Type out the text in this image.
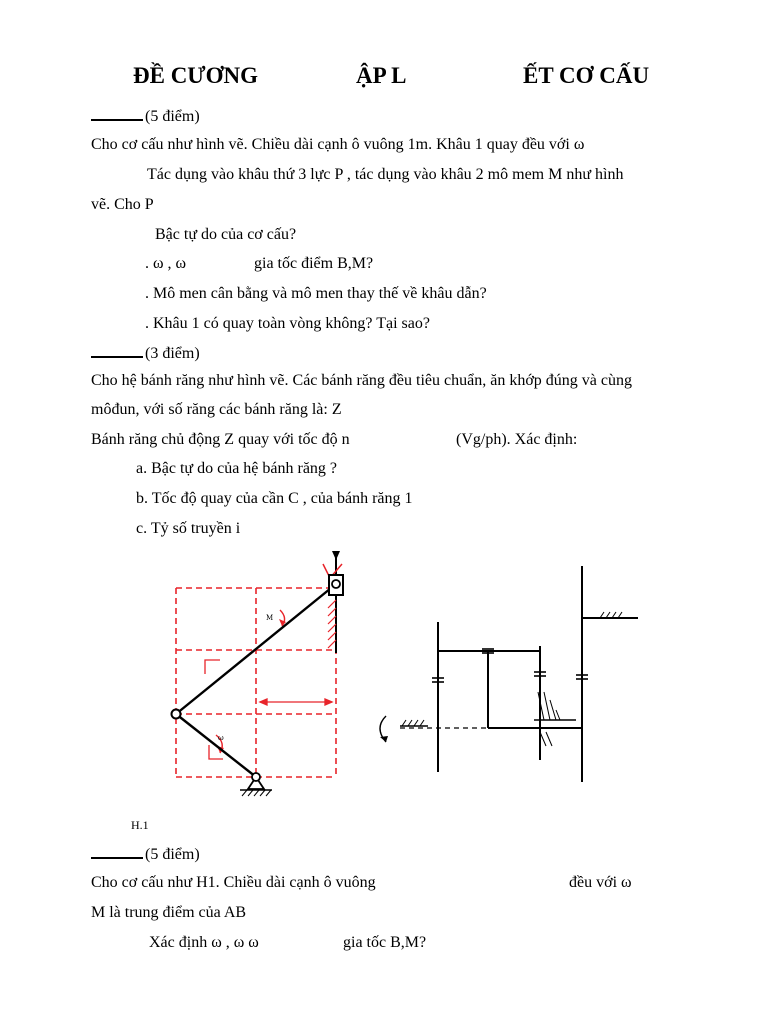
ĐỀ CƯƠNG	ẬP L	ẾT CƠ CẤU
(5 điểm)
Cho cơ cấu như hình vẽ. Chiều dài cạnh ô vuông 1m. Khâu 1 quay đều với ω
Tác dụng vào khâu thứ 3 lực P , tác dụng vào khâu 2 mô mem M như hình
vẽ. Cho P
Bậc tự do của cơ cấu?
. ω , ω	gia tốc điểm B,M?
. Mô men cân bằng và mô men thay thế về khâu dẫn?
. Khâu 1 có quay toàn vòng không? Tại sao?
(3 điểm)
Cho hệ bánh răng như hình vẽ. Các bánh răng đều tiêu chuẩn, ăn khớp đúng và cùng
môđun, với số răng các bánh răng là: Z
Bánh răng chủ động Z quay với tốc độ n	(Vg/ph). Xác định:
a. Bậc tự do của hệ bánh răng ?
b. Tốc độ quay của cần C , của bánh răng 1
c. Tỷ số truyền i
M
ω
H.1
(5 điểm)
Cho cơ cấu như H1. Chiều dài cạnh ô vuông	đều với ω
M là trung điểm của AB
Xác định ω , ω ω	gia tốc B,M?
